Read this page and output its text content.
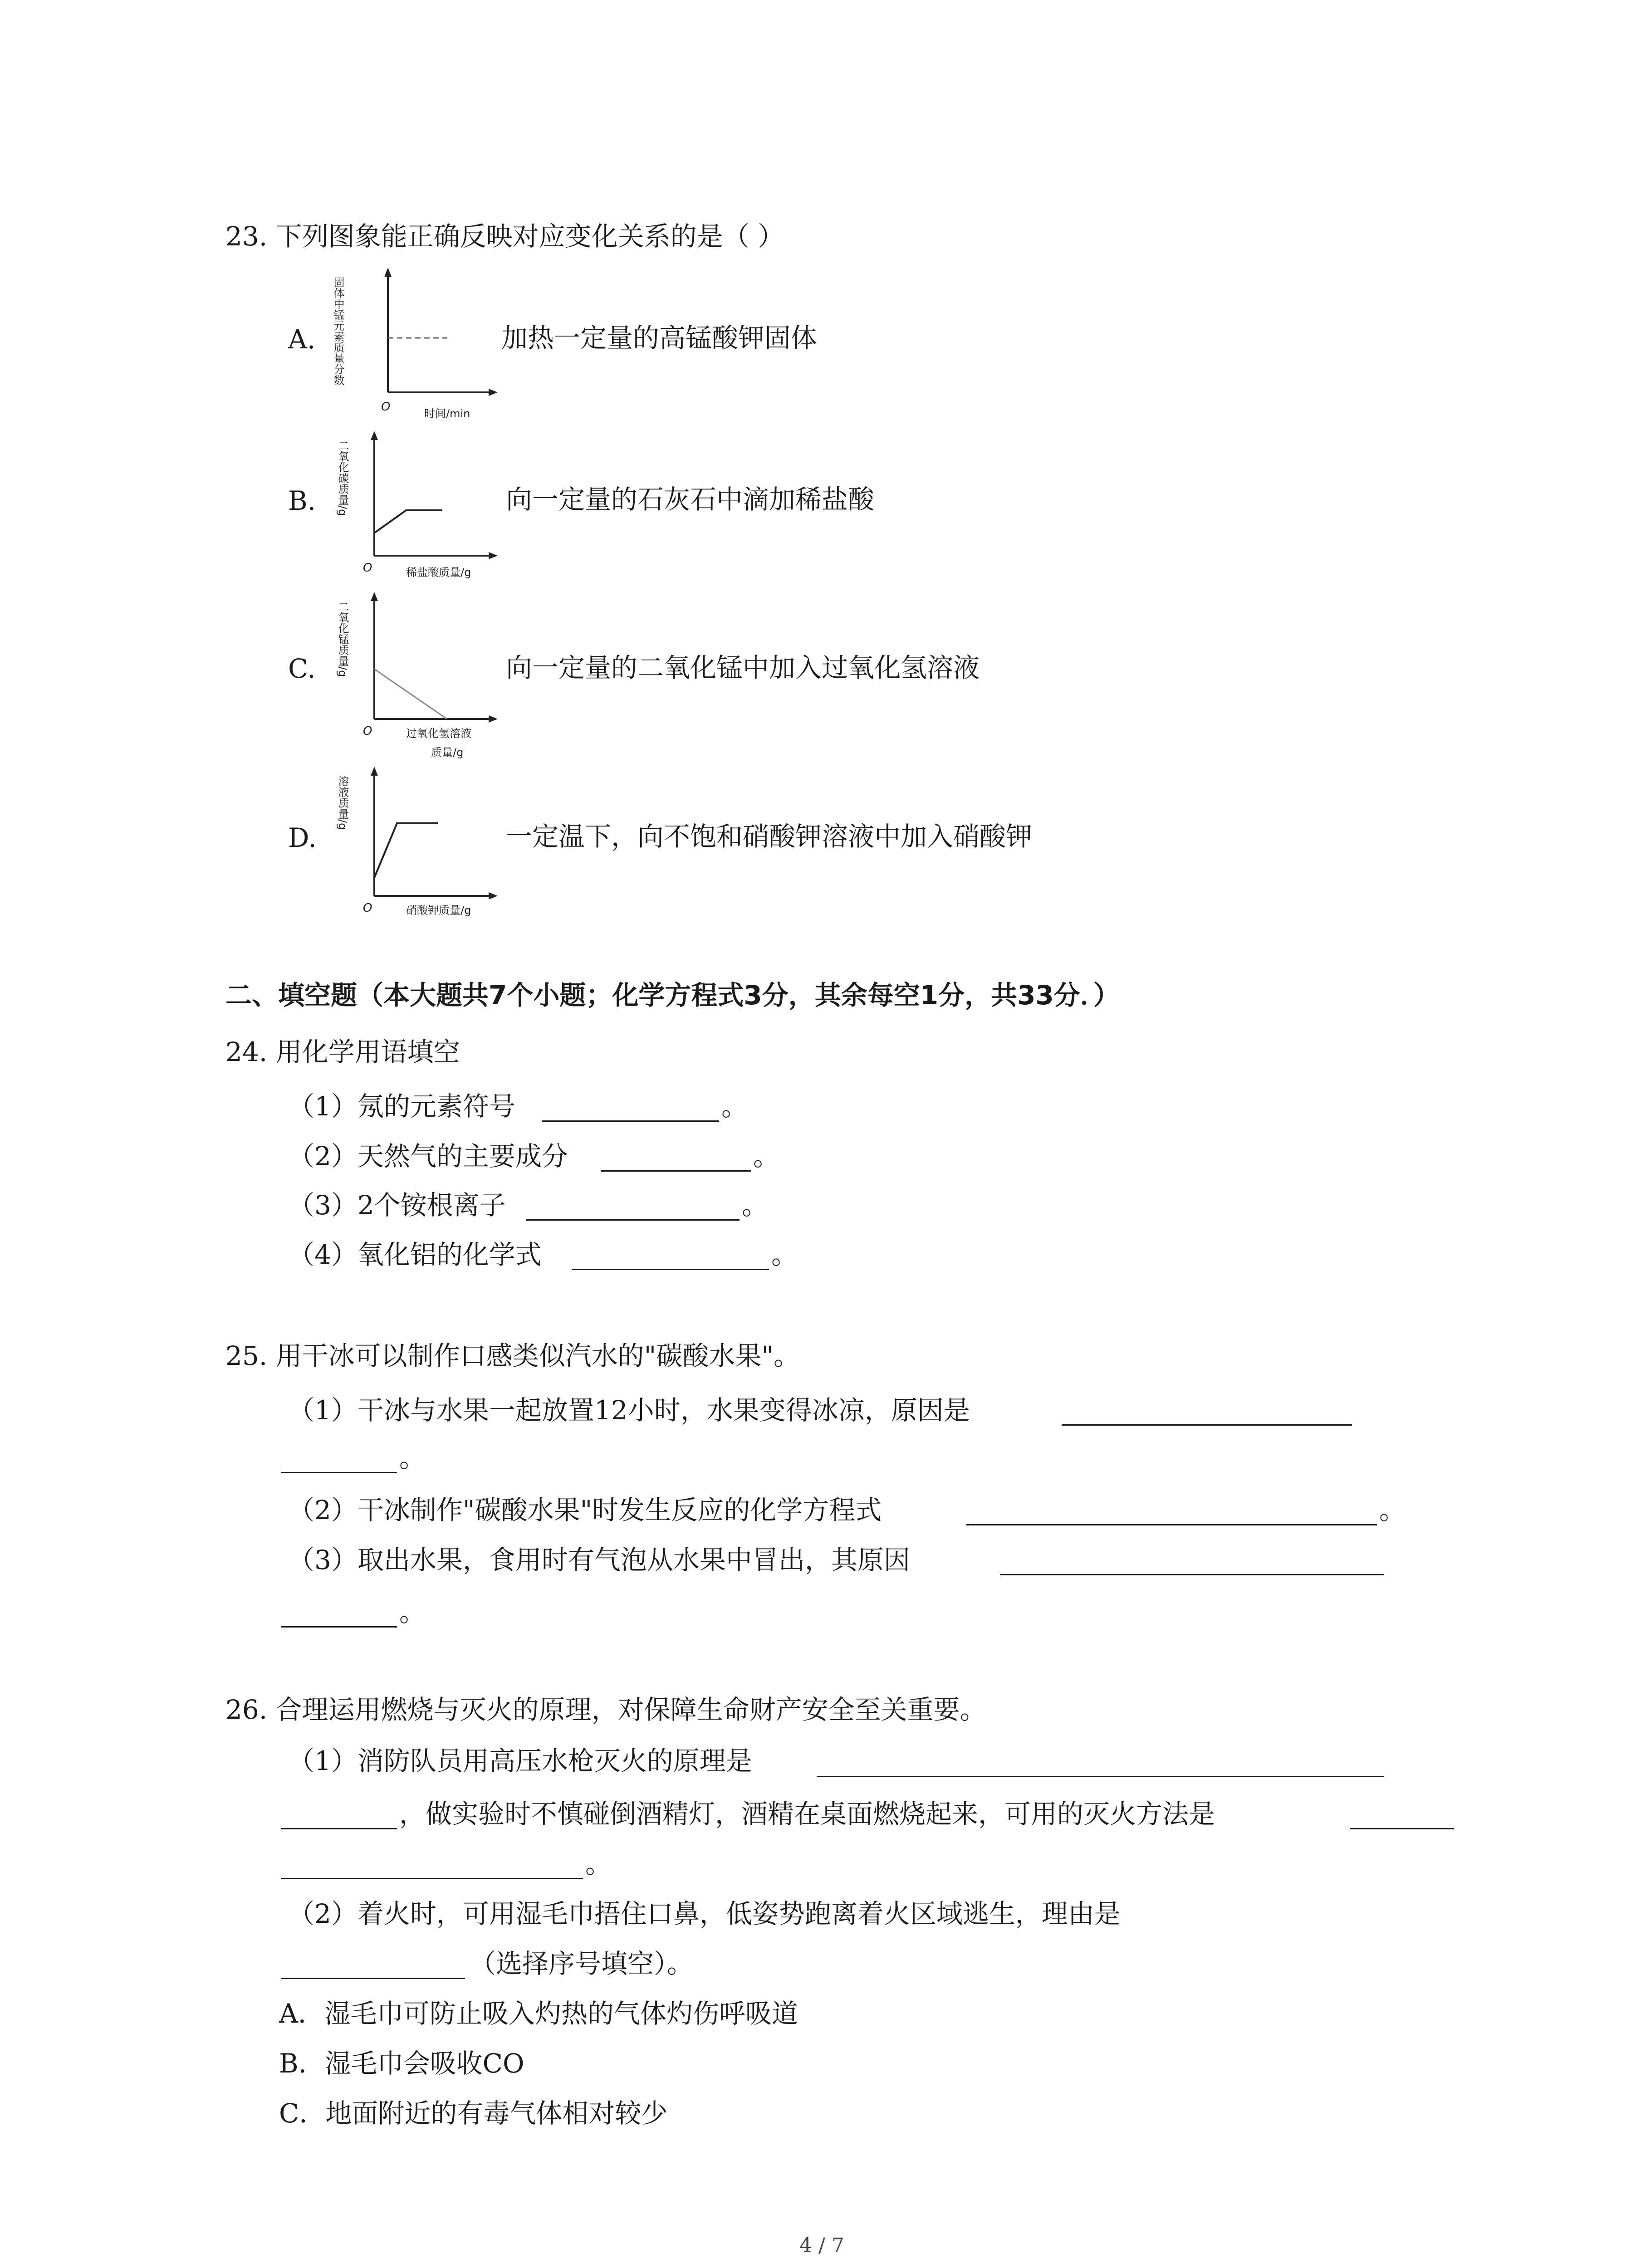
23. 下列图象能正确反映对应变化关系的是（ ）
A. 固体中锰元素质量分数
O	时间/min
加热一定量的高锰酸钾固体
B. 二氧化碳质量/g
O	稀盐酸质量/g
向一定量的石灰石中滴加稀盐酸
C. 二氧化锰质量/g
O	过氧化氢溶液
质量/g
向一定量的二氧化锰中加入过氧化氢溶液
D.
溶液质量/g
O	硝酸钾质量/g
一定温下，向不饱和硝酸钾溶液中加入硝酸钾
二、填空题（本大题共7个小题；化学方程式3分，其余每空1分，共33分．）
24. 用化学用语填空
（1）氖的元素符号	。
（2）天然气的主要成分	。
（3）2个铵根离子	。
（4）氧化铝的化学式	。
25. 用干冰可以制作口感类似汽水的"碳酸水果"。
（1）干冰与水果一起放置12小时，水果变得冰凉，原因是
。
（2）干冰制作"碳酸水果"时发生反应的化学方程式	。
（3）取出水果，食用时有气泡从水果中冒出，其原因
。
26. 合理运用燃烧与灭火的原理，对保障生命财产安全至关重要。
（1）消防队员用高压水枪灭火的原理是
，做实验时不慎碰倒酒精灯，酒精在桌面燃烧起来，可用的灭火方法是
。
（2）着火时，可用湿毛巾捂住口鼻，低姿势跑离着火区域逃生，理由是
（选择序号填空）。
A．湿毛巾可防止吸入灼热的气体灼伤呼吸道
B．湿毛巾会吸收CO
C．地面附近的有毒气体相对较少
4 / 7
